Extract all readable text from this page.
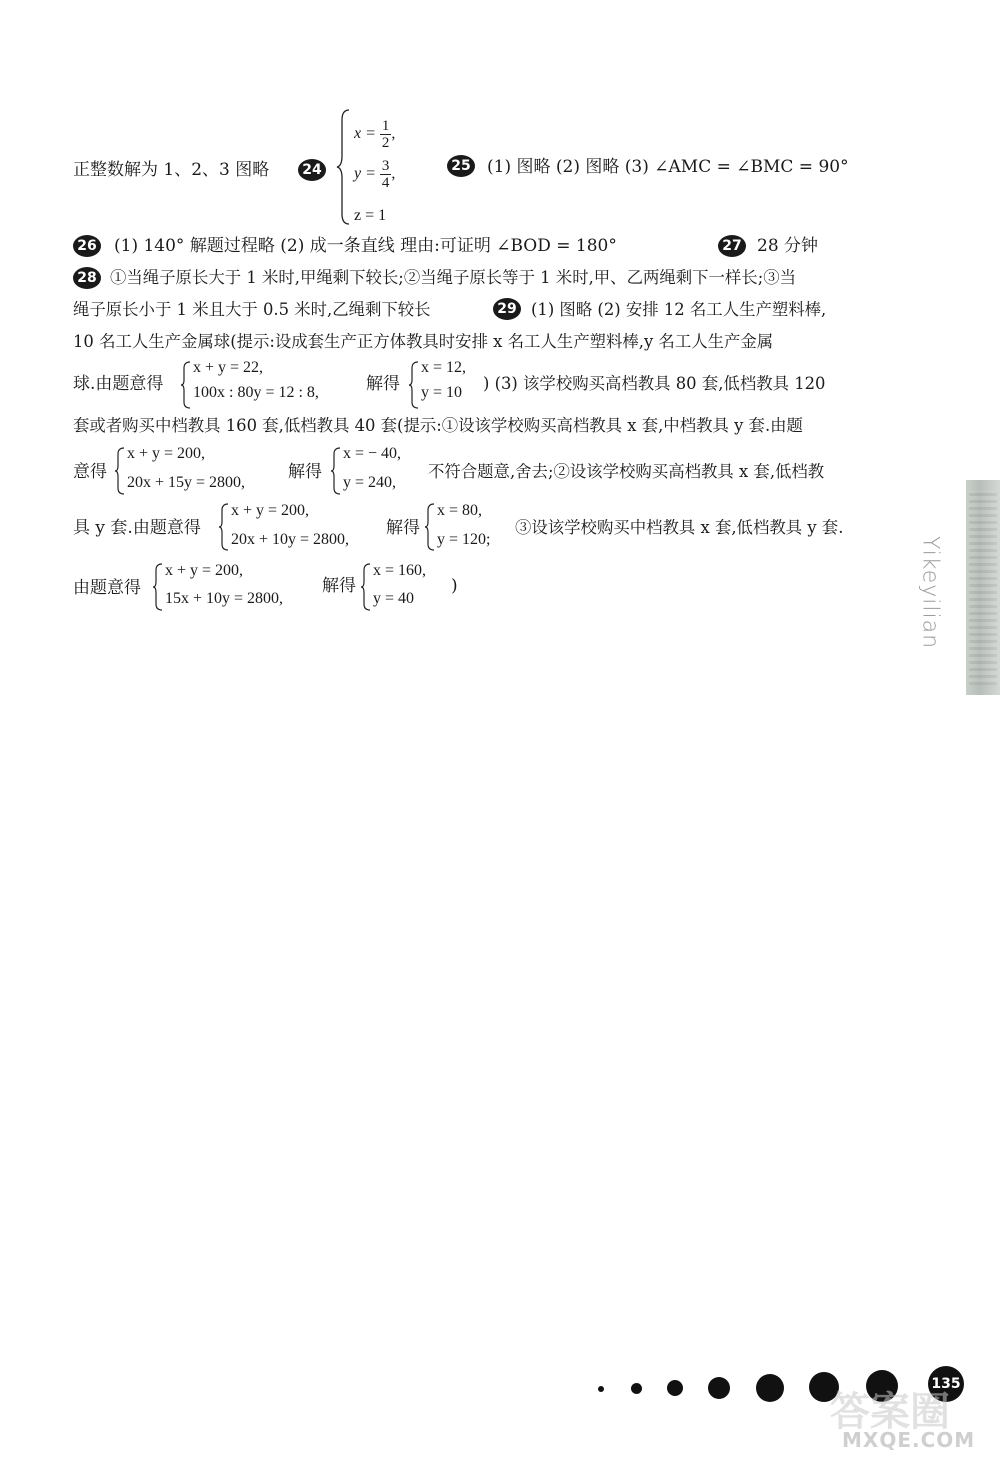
正整数解为 1、2、3 图略	24
$x = \frac{1}{2}$ ,
$y = \frac{3}{4}$ ,
z = 1
25 (1) 图略 (2) 图略 (3) ∠AMC = ∠BMC = 90°
26 (1) 140° 解题过程略 (2) 成一条直线 理由:可证明 ∠BOD = 180°	27 28 分钟
28 ①当绳子原长大于 1 米时,甲绳剩下较长;②当绳子原长等于 1 米时,甲、乙两绳剩下一样长;③当
绳子原长小于 1 米且大于 0.5 米时,乙绳剩下较长	29 (1) 图略 (2) 安排 12 名工人生产塑料棒,
10 名工人生产金属球(提示:设成套生产正方体教具时安排 x 名工人生产塑料棒,y 名工人生产金属
球.由题意得
x + y = 22,
100x : 80y = 12 : 8,	解得
x = 12,
y = 10 ) (3) 该学校购买高档教具 80 套,低档教具 120
套或者购买中档教具 160 套,低档教具 40 套(提示:①设该学校购买高档教具 x 套,中档教具 y 套.由题
意得
x + y = 200,
20x + 15y = 2800,
解得
x = − 40,
y = 240,
不符合题意,舍去;②设该学校购买高档教具 x 套,低档教
具 y 套.由题意得
x + y = 200,
20x + 10y = 2800,
解得
x = 80,
y = 120;
③设该学校购买中档教具 x 套,低档教具 y 套.
由题意得
x + y = 200,
15x + 10y = 2800,
解得
x = 160,
y = 40
)	Yikeyilian
135
答案圈
MXQE.COM
